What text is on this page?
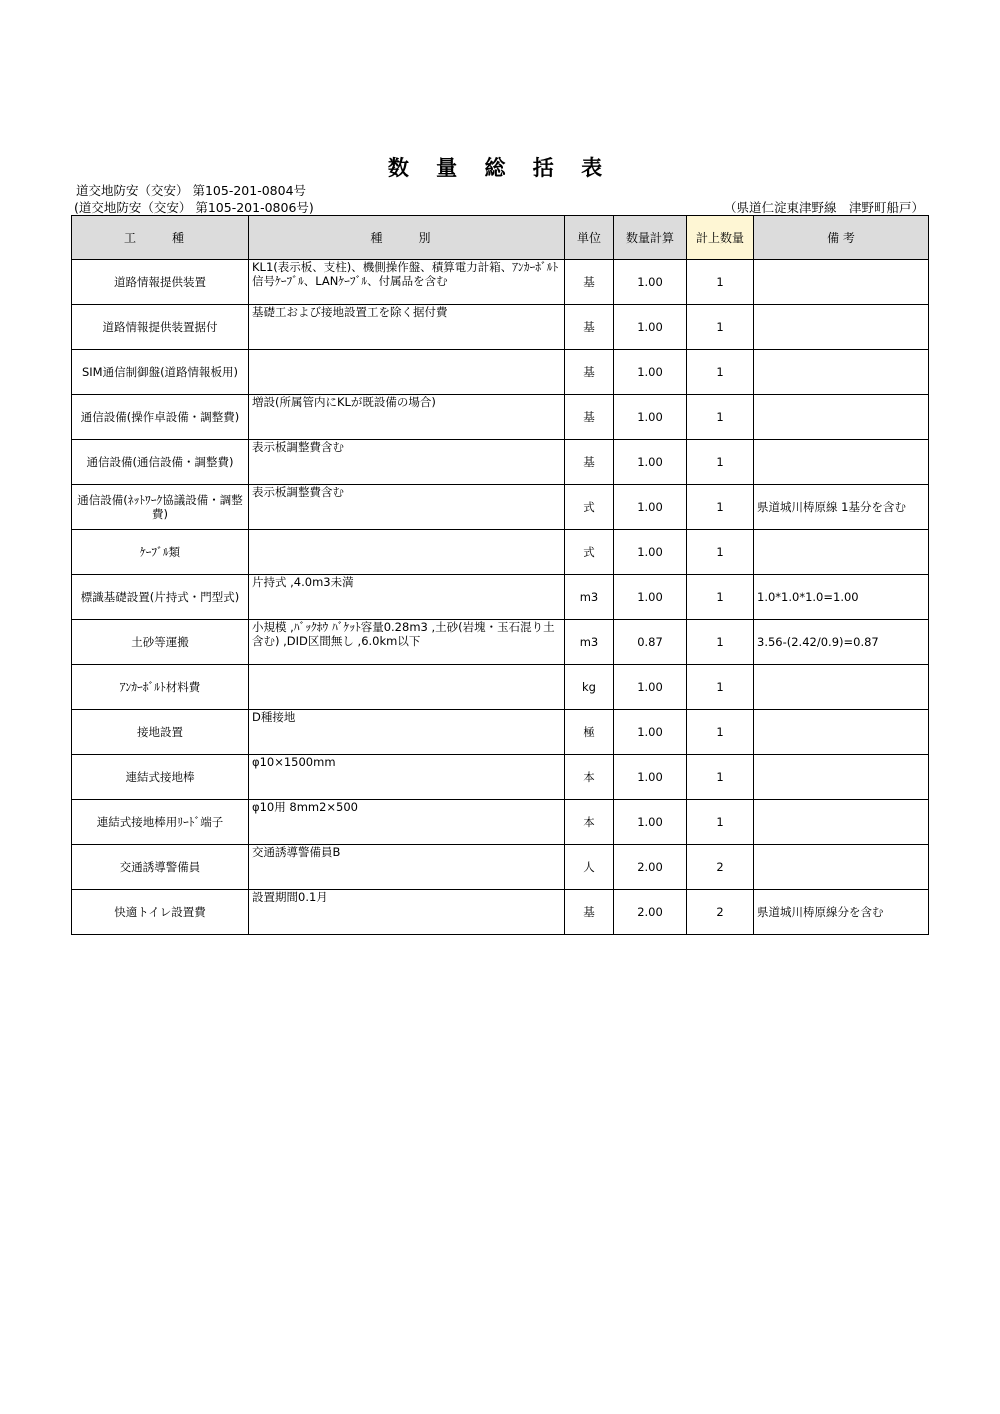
数 量 総 括 表
道交地防安（交安） 第105-201-0804号
(道交地防安（交安） 第105-201-0806号)	（県道仁淀東津野線　津野町船戸）
工　種	種　別	単位	数量計算	計上数量	備 考
道路情報提供装置	KL1(表示板、支柱)、機側操作盤、積算電力計箱、ｱﾝｶｰﾎﾞﾙﾄ信号ｹｰﾌﾞﾙ、LANｹｰﾌﾞﾙ、付属品を含む	基	1.00	1	
道路情報提供装置据付	基礎工および接地設置工を除く据付費	基	1.00	1	
SIM通信制御盤(道路情報板用)		基	1.00	1	
通信設備(操作卓設備・調整費)	増設(所属管内にKLが既設備の場合)	基	1.00	1	
通信設備(通信設備・調整費)	表示板調整費含む	基	1.00	1	
通信設備(ﾈｯﾄﾜｰｸ協議設備・調整費)	表示板調整費含む	式	1.00	1	県道城川梼原線 1基分を含む
ｹｰﾌﾞﾙ類		式	1.00	1	
標識基礎設置(片持式・門型式)	片持式 ,4.0m3未満	m3	1.00	1	1.0*1.0*1.0=1.00
土砂等運搬	小規模 ,ﾊﾞｯｸﾎｳ ﾊﾞｹｯﾄ容量0.28m3 ,土砂(岩塊・玉石混り土含む) ,DID区間無し ,6.0km以下	m3	0.87	1	3.56-(2.42/0.9)=0.87
ｱﾝｶｰﾎﾞﾙﾄ材料費		kg	1.00	1	
接地設置	D種接地	極	1.00	1	
連結式接地棒	φ10×1500mm	本	1.00	1	
連結式接地棒用ﾘｰﾄﾞ端子	φ10用 8mm2×500	本	1.00	1	
交通誘導警備員	交通誘導警備員B	人	2.00	2	
快適トイレ設置費	設置期間0.1月	基	2.00	2	県道城川梼原線分を含む
